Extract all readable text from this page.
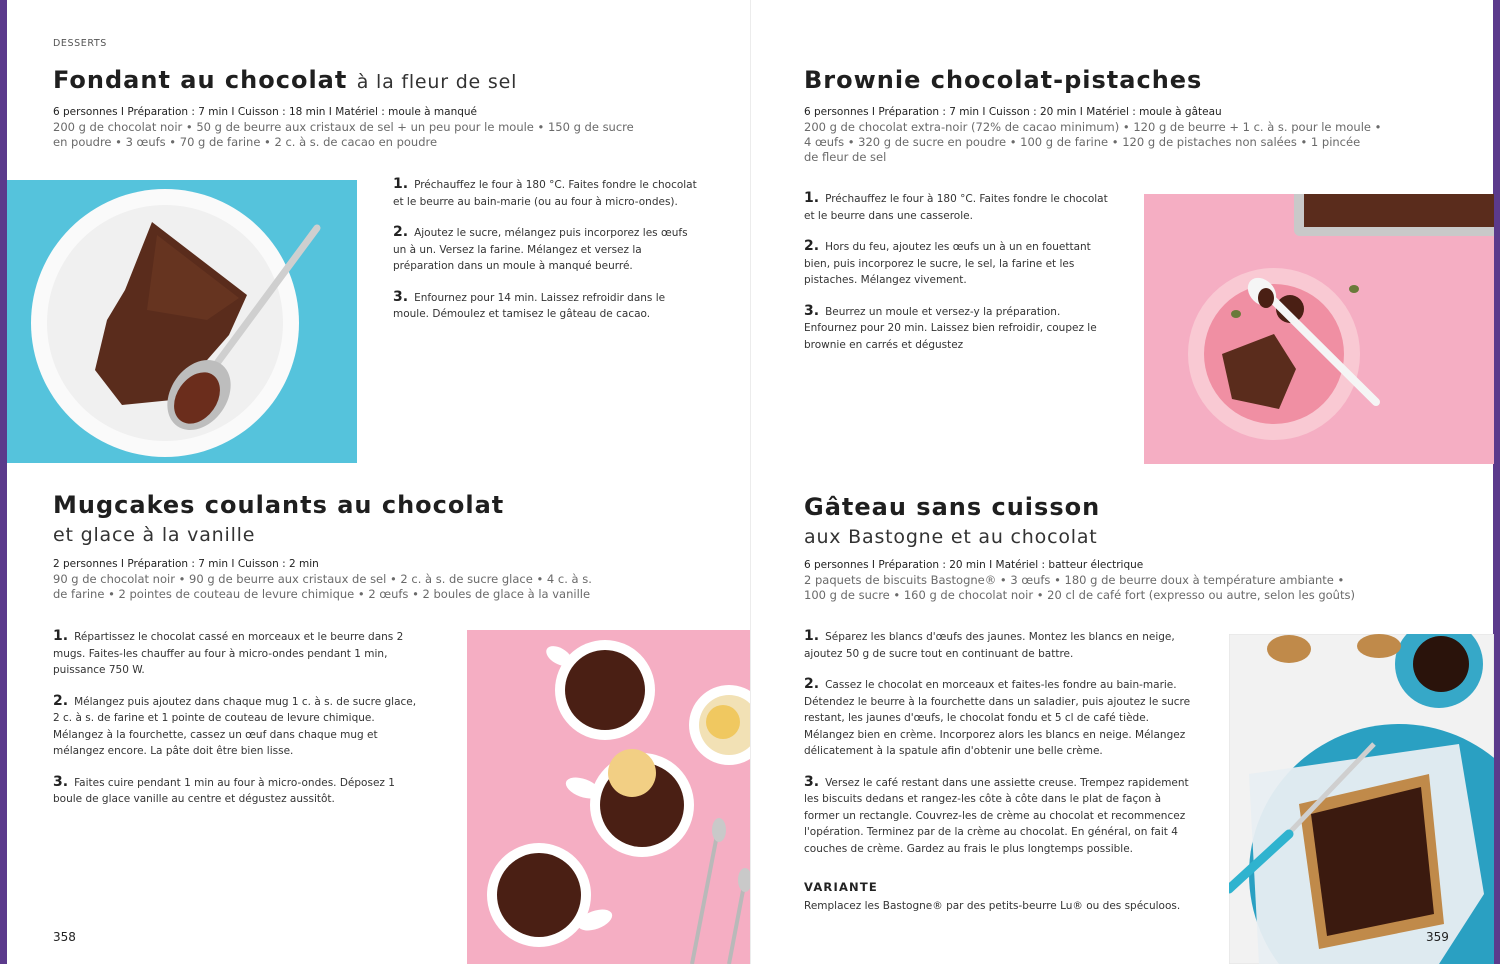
DESSERTS
Fondant au chocolat à la fleur de sel
6 personnes I Préparation : 7 min I Cuisson : 18 min I Matériel : moule à manqué
200 g de chocolat noir • 50 g de beurre aux cristaux de sel + un peu pour le moule • 150 g de sucre
en poudre • 3 œufs • 70 g de farine • 2 c. à s. de cacao en poudre
1. Préchauffez le four à 180 °C. Faites fondre le chocolat et le beurre au bain-marie (ou au four à micro-ondes).
2. Ajoutez le sucre, mélangez puis incorporez les œufs un à un. Versez la farine. Mélangez et versez la préparation dans un moule à manqué beurré.
3. Enfournez pour 14 min. Laissez refroidir dans le moule. Démoulez et tamisez le gâteau de cacao.
Mugcakes coulants au chocolat
et glace à la vanille
2 personnes I Préparation : 7 min I Cuisson : 2 min
90 g de chocolat noir • 90 g de beurre aux cristaux de sel • 2 c. à s. de sucre glace • 4 c. à s.
de farine • 2 pointes de couteau de levure chimique • 2 œufs • 2 boules de glace à la vanille
1. Répartissez le chocolat cassé en morceaux et le beurre dans 2 mugs. Faites-les chauffer au four à micro-ondes pendant 1 min, puissance 750 W.
2. Mélangez puis ajoutez dans chaque mug 1 c. à s. de sucre glace, 2 c. à s. de farine et 1 pointe de couteau de levure chimique. Mélangez à la fourchette, cassez un œuf dans chaque mug et mélangez encore. La pâte doit être bien lisse.
3. Faites cuire pendant 1 min au four à micro-ondes. Déposez 1 boule de glace vanille au centre et dégustez aussitôt.
358
Brownie chocolat-pistaches
6 personnes I Préparation : 7 min I Cuisson : 20 min I Matériel : moule à gâteau
200 g de chocolat extra-noir (72% de cacao minimum) • 120 g de beurre + 1 c. à s. pour le moule •
4 œufs • 320 g de sucre en poudre • 100 g de farine • 120 g de pistaches non salées • 1 pincée
de fleur de sel
1. Préchauffez le four à 180 °C. Faites fondre le chocolat et le beurre dans une casserole.
2. Hors du feu, ajoutez les œufs un à un en fouettant bien, puis incorporez le sucre, le sel, la farine et les pistaches. Mélangez vivement.
3. Beurrez un moule et versez-y la préparation. Enfournez pour 20 min. Laissez bien refroidir, coupez le brownie en carrés et dégustez
Gâteau sans cuisson
aux Bastogne et au chocolat
6 personnes I Préparation : 20 min I Matériel : batteur électrique
2 paquets de biscuits Bastogne® • 3 œufs • 180 g de beurre doux à température ambiante •
100 g de sucre • 160 g de chocolat noir • 20 cl de café fort (expresso ou autre, selon les goûts)
1. Séparez les blancs d'œufs des jaunes. Montez les blancs en neige, ajoutez 50 g de sucre tout en continuant de battre.
2. Cassez le chocolat en morceaux et faites-les fondre au bain-marie. Détendez le beurre à la fourchette dans un saladier, puis ajoutez le sucre restant, les jaunes d'œufs, le chocolat fondu et 5 cl de café tiède. Mélangez bien en crème. Incorporez alors les blancs en neige. Mélangez délicatement à la spatule afin d'obtenir une belle crème.
3. Versez le café restant dans une assiette creuse. Trempez rapidement les biscuits dedans et rangez-les côte à côte dans le plat de façon à former un rectangle. Couvrez-les de crème au chocolat et recommencez l'opération. Terminez par de la crème au chocolat. En général, on fait 4 couches de crème. Gardez au frais le plus longtemps possible.
VARIANTE
Remplacez les Bastogne® par des petits-beurre Lu® ou des spéculoos.
359
